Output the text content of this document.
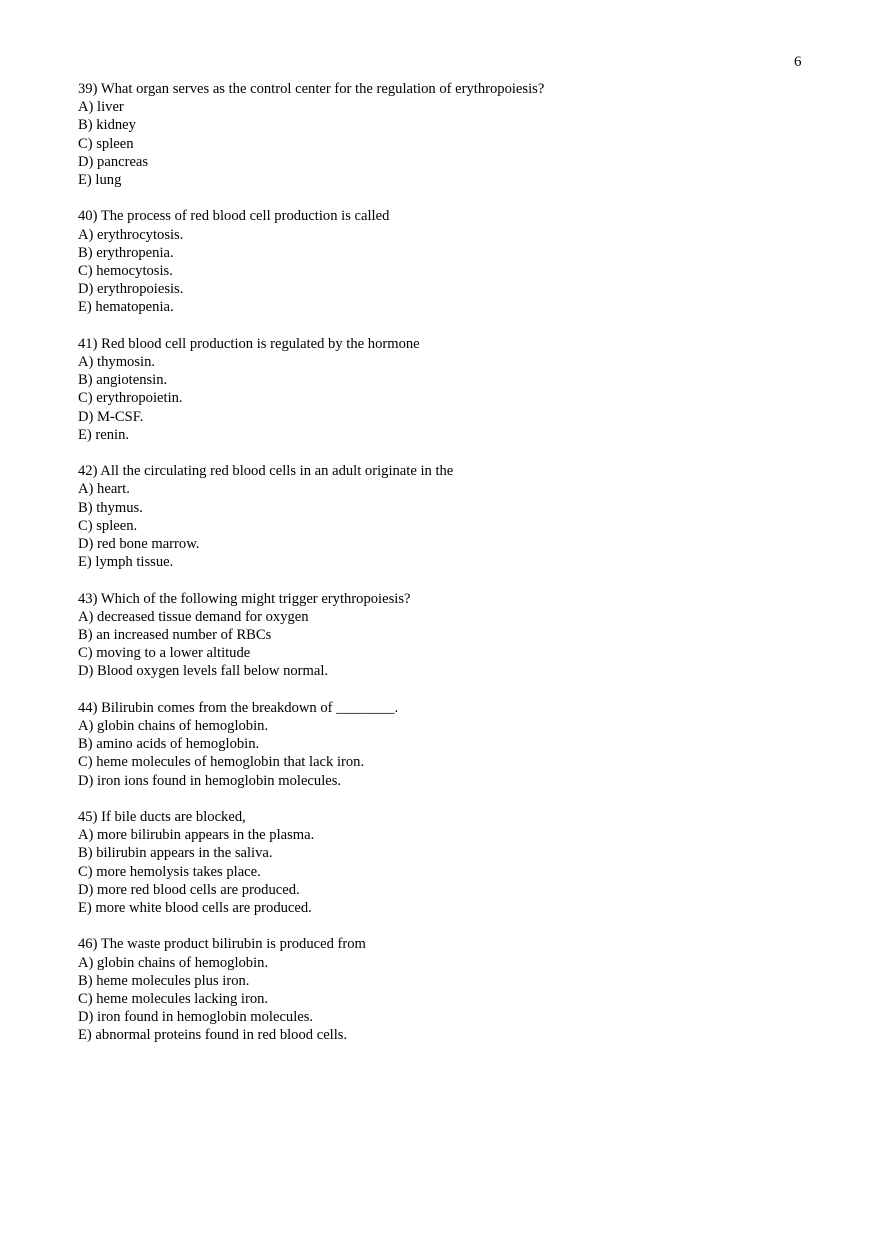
6
39) What organ serves as the control center for the regulation of erythropoiesis?
A) liver
B) kidney
C) spleen
D) pancreas
E) lung
40) The process of red blood cell production is called
A) erythrocytosis.
B) erythropenia.
C) hemocytosis.
D) erythropoiesis.
E) hematopenia.
41) Red blood cell production is regulated by the hormone
A) thymosin.
B) angiotensin.
C) erythropoietin.
D) M-CSF.
E) renin.
42) All the circulating red blood cells in an adult originate in the
A) heart.
B) thymus.
C) spleen.
D) red bone marrow.
E) lymph tissue.
43) Which of the following might trigger erythropoiesis?
A) decreased tissue demand for oxygen
B) an increased number of RBCs
C) moving to a lower altitude
D) Blood oxygen levels fall below normal.
44) Bilirubin comes from the breakdown of ________.
A) globin chains of hemoglobin.
B) amino acids of hemoglobin.
C) heme molecules of hemoglobin that lack iron.
D) iron ions found in hemoglobin molecules.
45) If bile ducts are blocked,
A) more bilirubin appears in the plasma.
B) bilirubin appears in the saliva.
C) more hemolysis takes place.
D) more red blood cells are produced.
E) more white blood cells are produced.
46) The waste product bilirubin is produced from
A) globin chains of hemoglobin.
B) heme molecules plus iron.
C) heme molecules lacking iron.
D) iron found in hemoglobin molecules.
E) abnormal proteins found in red blood cells.
